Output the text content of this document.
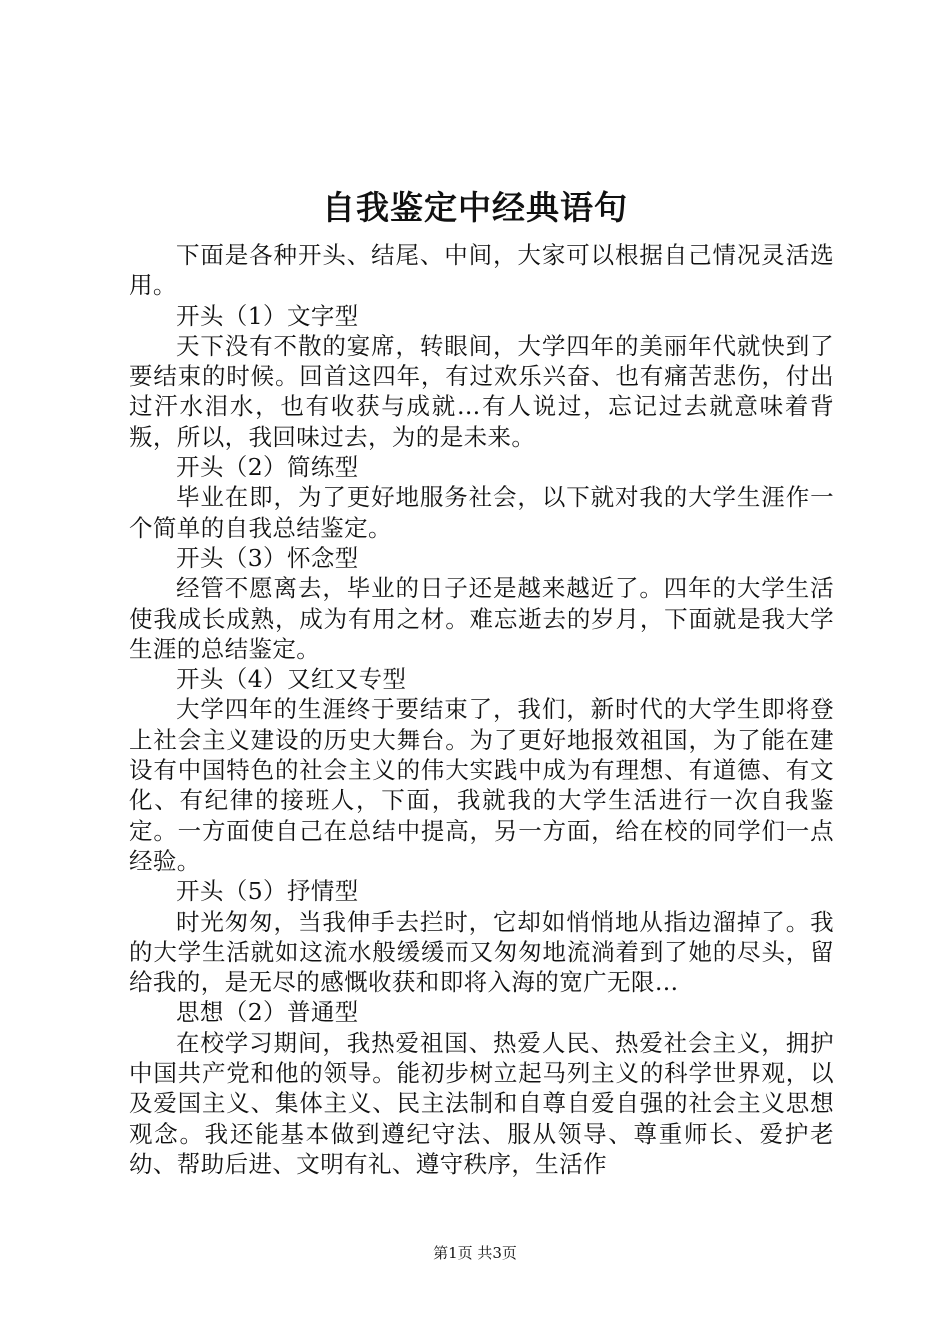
自我鉴定中经典语句

下面是各种开头、结尾、中间，大家可以根据自己情况灵活选用。

开头（1）文字型

天下没有不散的宴席，转眼间，大学四年的美丽年代就快到了要结束的时候。回首这四年，有过欢乐兴奋、也有痛苦悲伤，付出过汗水泪水，也有收获与成就…有人说过，忘记过去就意味着背叛，所以，我回味过去，为的是未来。

开头（2）简练型

毕业在即，为了更好地服务社会，以下就对我的大学生涯作一个简单的自我总结鉴定。

开头（3）怀念型

经管不愿离去，毕业的日子还是越来越近了。四年的大学生活使我成长成熟，成为有用之材。难忘逝去的岁月，下面就是我大学生涯的总结鉴定。

开头（4）又红又专型

大学四年的生涯终于要结束了，我们，新时代的大学生即将登上社会主义建设的历史大舞台。为了更好地报效祖国，为了能在建设有中国特色的社会主义的伟大实践中成为有理想、有道德、有文化、有纪律的接班人，下面，我就我的大学生活进行一次自我鉴定。一方面使自己在总结中提高，另一方面，给在校的同学们一点经验。

开头（5）抒情型

时光匆匆，当我伸手去拦时，它却如悄悄地从指边溜掉了。我的大学生活就如这流水般缓缓而又匆匆地流淌着到了她的尽头，留给我的，是无尽的感慨收获和即将入海的宽广无限…

思想（2）普通型

在校学习期间，我热爱祖国、热爱人民、热爱社会主义，拥护中国共产党和他的领导。能初步树立起马列主义的科学世界观，以及爱国主义、集体主义、民主法制和自尊自爱自强的社会主义思想观念。我还能基本做到遵纪守法、服从领导、尊重师长、爱护老幼、帮助后进、文明有礼、遵守秩序，生活作

第1页 共3页
